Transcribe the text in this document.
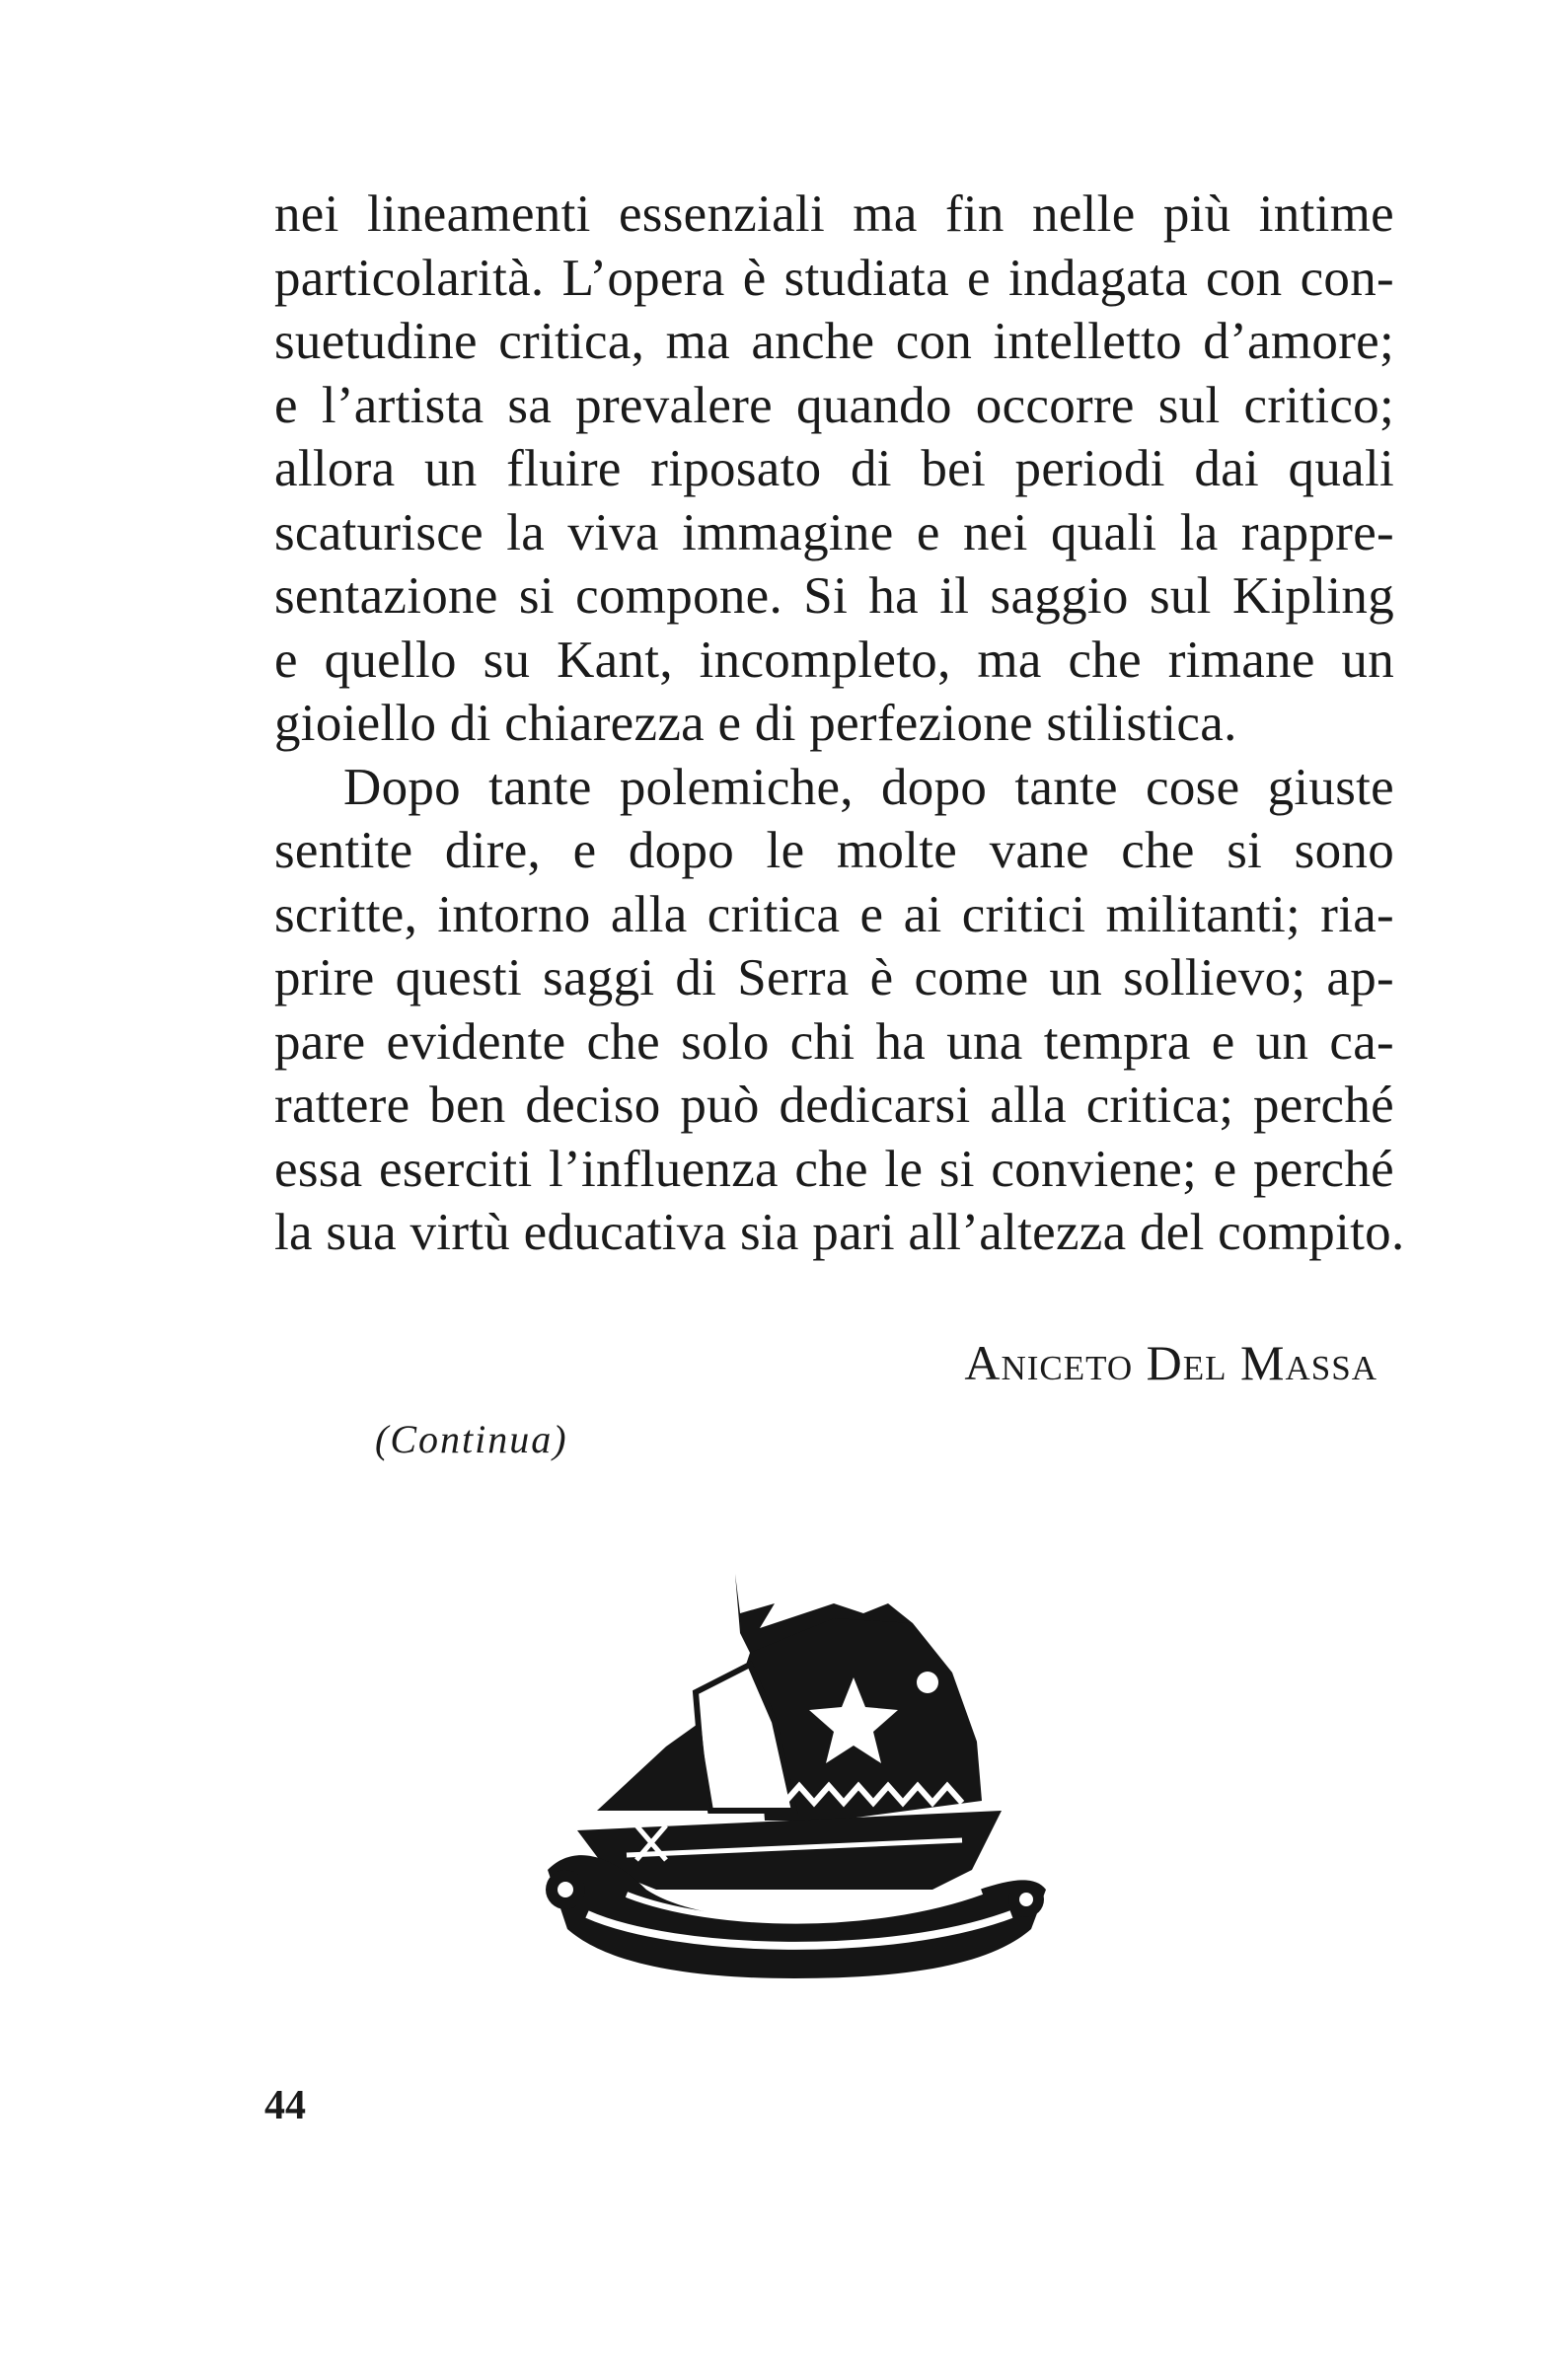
nei lineamenti essenziali ma fin nelle più intime
particolarità. L’opera è studiata e indagata con con-
suetudine critica, ma anche con intelletto d’amore;
e l’artista sa prevalere quando occorre sul critico;
allora un fluire riposato di bei periodi dai quali
scaturisce la viva immagine e nei quali la rappre-
sentazione si compone. Si ha il saggio sul Kipling
e quello su Kant, incompleto, ma che rimane un
gioiello di chiarezza e di perfezione stilistica.
Dopo tante polemiche, dopo tante cose giuste
sentite dire, e dopo le molte vane che si sono
scritte, intorno alla critica e ai critici militanti; ria-
prire questi saggi di Serra è come un sollievo; ap-
pare evidente che solo chi ha una tempra e un ca-
rattere ben deciso può dedicarsi alla critica; perché
essa eserciti l’influenza che le si conviene; e perché
la sua virtù educativa sia pari all’altezza del compito.
Aniceto Del Massa
(Continua)
44
